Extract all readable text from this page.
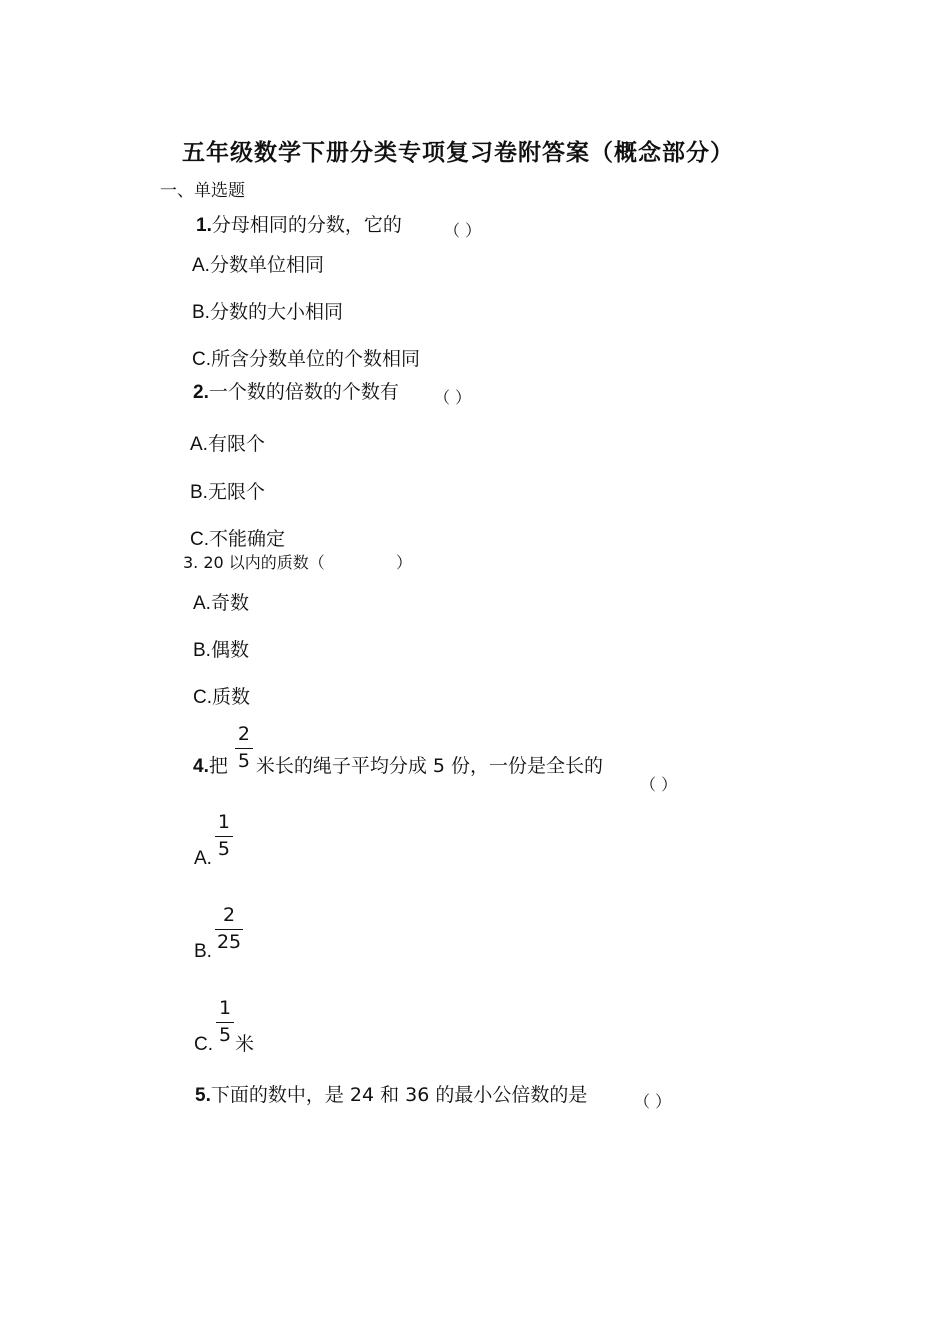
五年级数学下册分类专项复习卷附答案（概念部分）
一、单选题
1.分母相同的分数，它的	（ ）
A.分数单位相同
B.分数的大小相同
C.所含分数单位的个数相同
2.一个数的倍数的个数有 （ ）
A.有限个
B.无限个
C.不能确定
3. 20 以内的质数（	）
A.奇数
B.偶数
C.质数
4. 把 $\frac{2}{5}$ 米长的绳子平均分成 5 份，一份是全长的
（ ）
A. $\frac{1}{5}$
B. $\frac{2}{25}$
C. $\frac{1}{5}$ 米
5.下面的数中，是 24 和 36 的最小公倍数的是	（ ）
